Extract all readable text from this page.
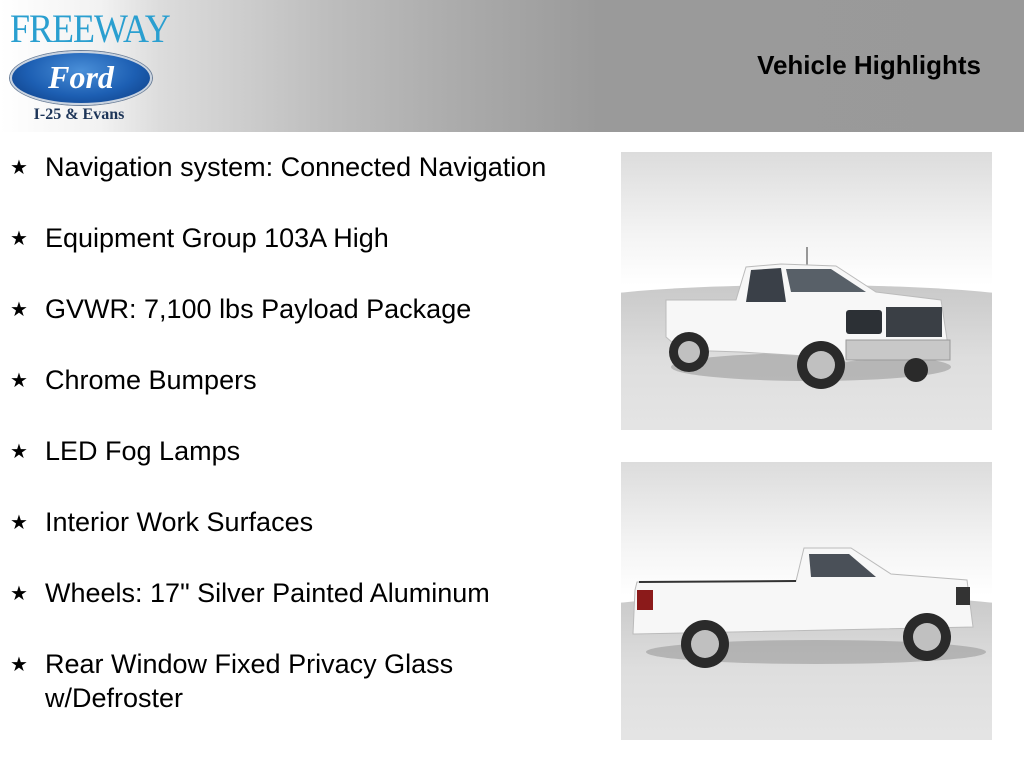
FREEWAY
Ford
I-25 & Evans
Vehicle Highlights
★ Navigation system: Connected Navigation
★ Equipment Group 103A High
★ GVWR: 7,100 lbs Payload Package
★ Chrome Bumpers
★ LED Fog Lamps
★ Interior Work Surfaces
★ Wheels: 17" Silver Painted Aluminum
★ Rear Window Fixed Privacy Glass w/Defroster
